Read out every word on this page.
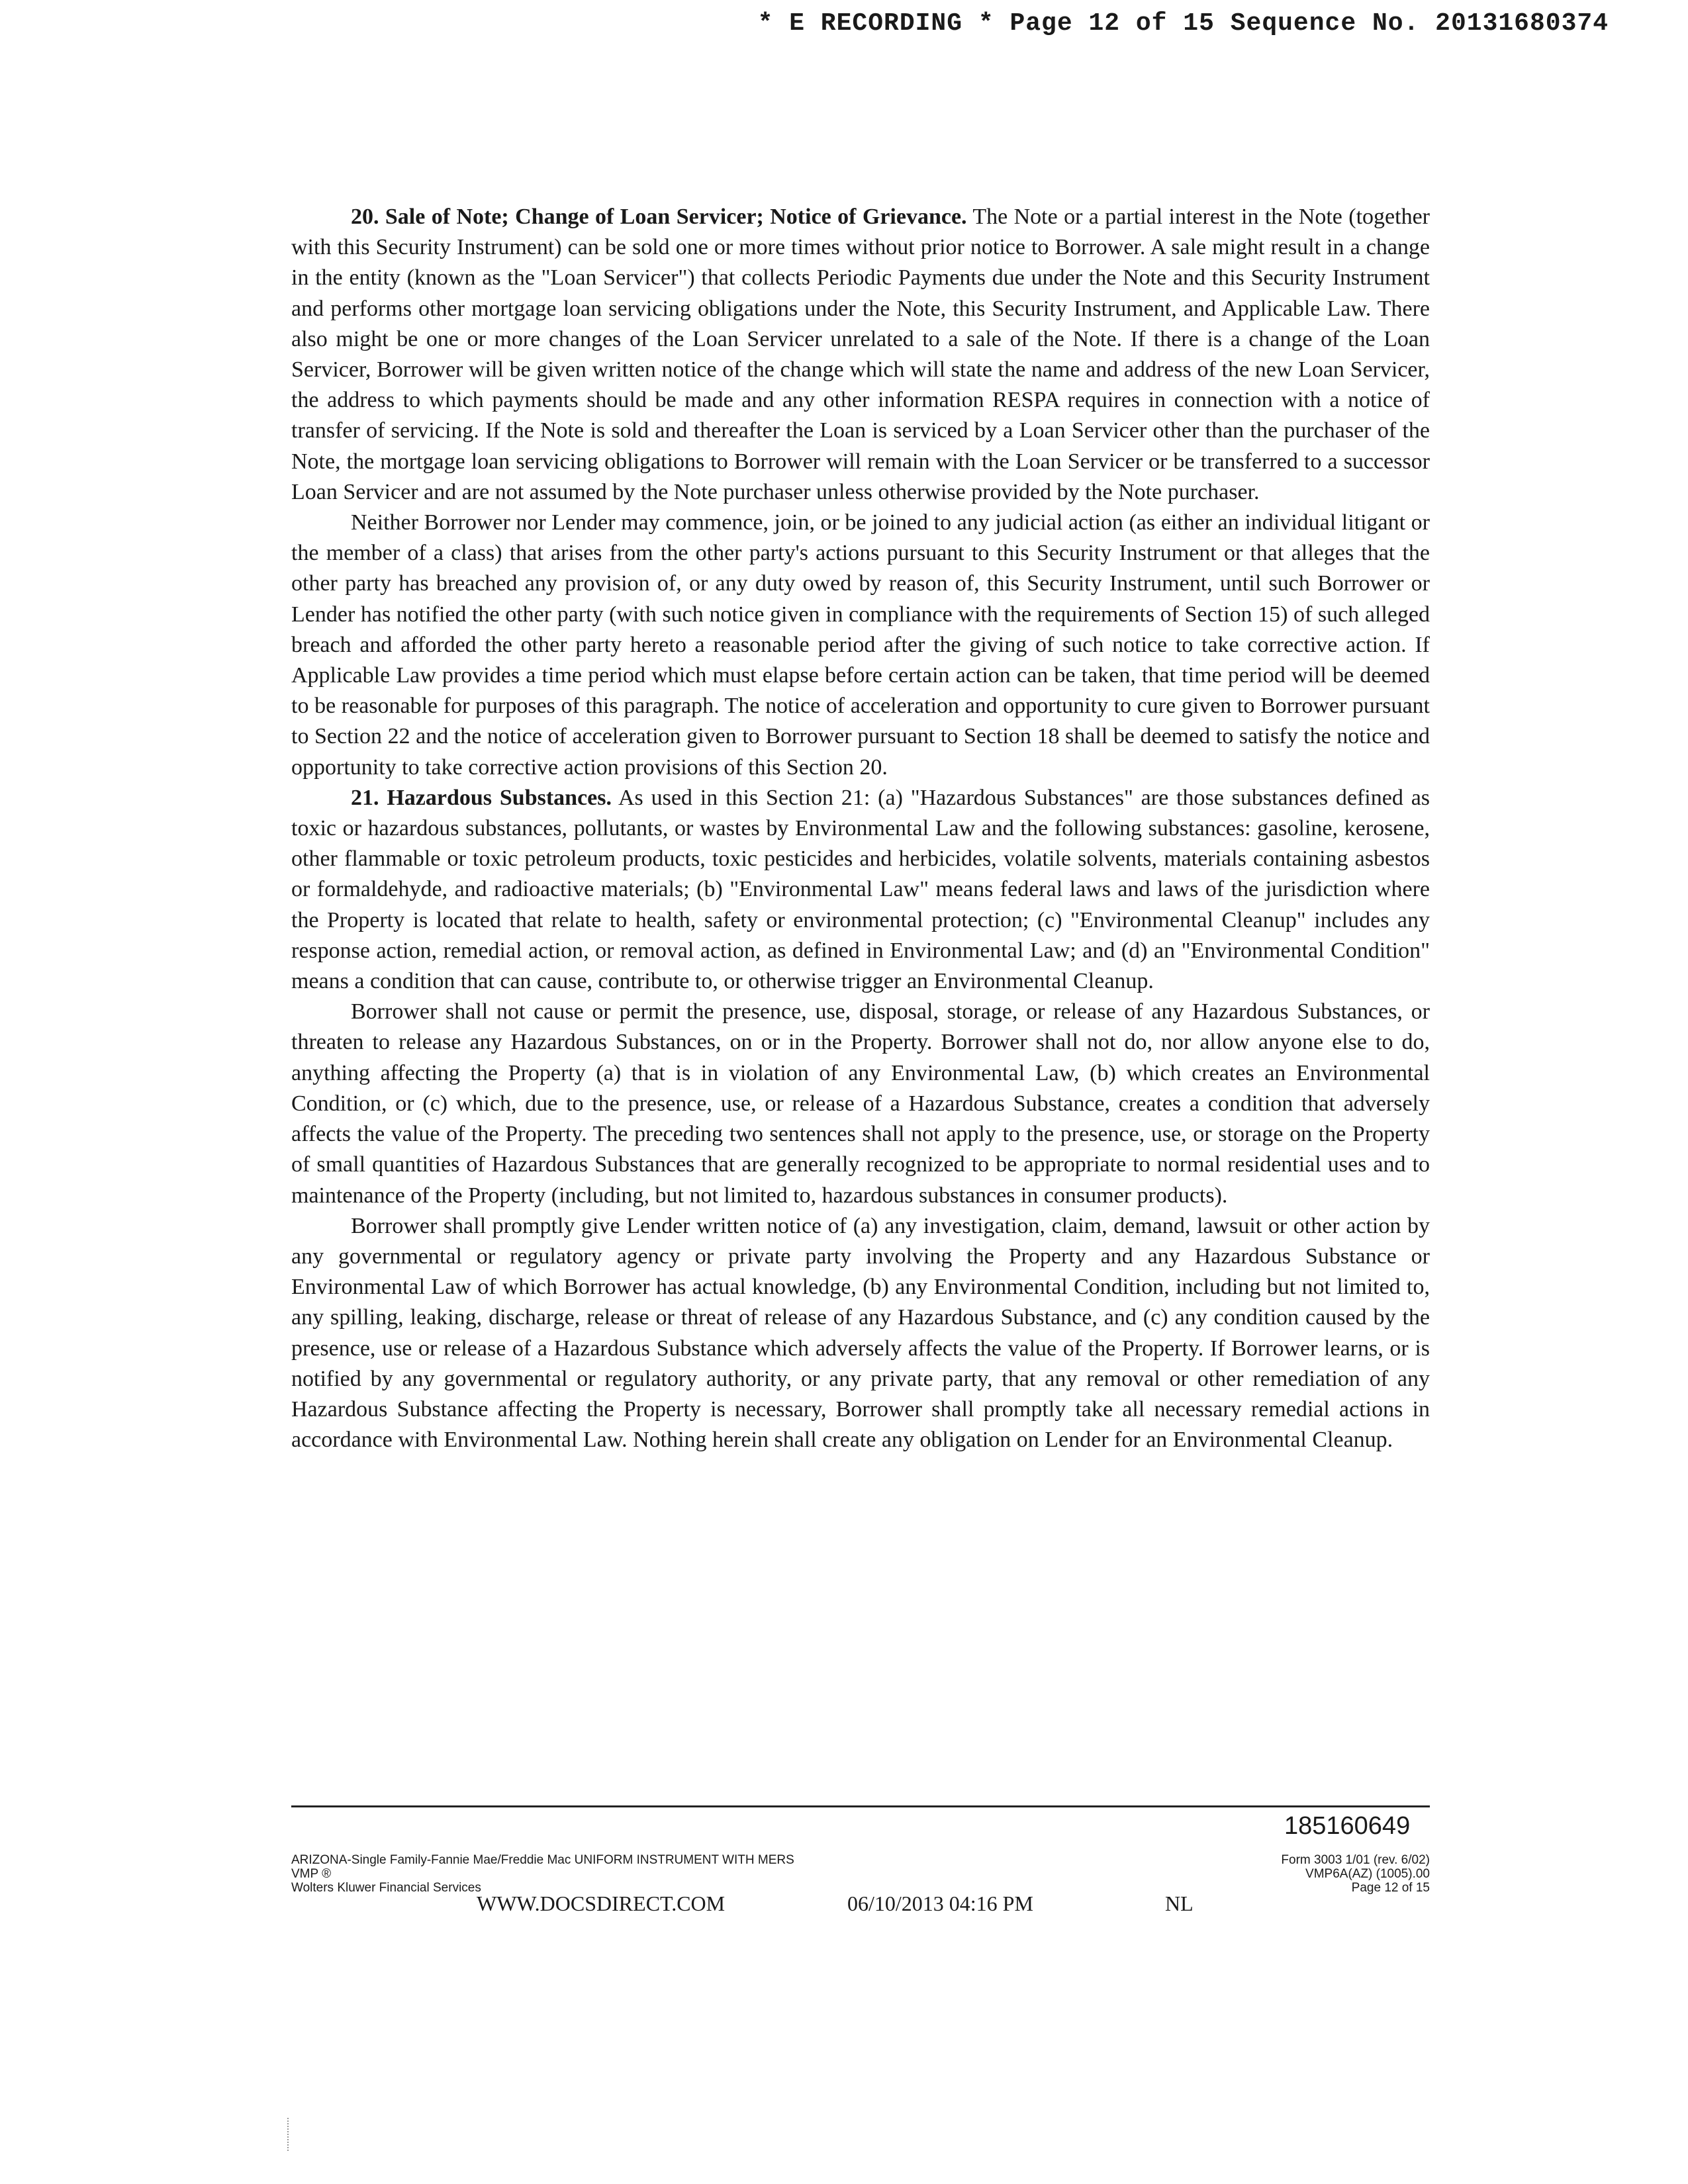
* E RECORDING * Page 12 of 15 Sequence No. 20131680374

20. Sale of Note; Change of Loan Servicer; Notice of Grievance. The Note or a partial interest in the Note (together with this Security Instrument) can be sold one or more times without prior notice to Borrower. A sale might result in a change in the entity (known as the "Loan Servicer") that collects Periodic Payments due under the Note and this Security Instrument and performs other mortgage loan servicing obligations under the Note, this Security Instrument, and Applicable Law. There also might be one or more changes of the Loan Servicer unrelated to a sale of the Note. If there is a change of the Loan Servicer, Borrower will be given written notice of the change which will state the name and address of the new Loan Servicer, the address to which payments should be made and any other information RESPA requires in connection with a notice of transfer of servicing. If the Note is sold and thereafter the Loan is serviced by a Loan Servicer other than the purchaser of the Note, the mortgage loan servicing obligations to Borrower will remain with the Loan Servicer or be transferred to a successor Loan Servicer and are not assumed by the Note purchaser unless otherwise provided by the Note purchaser.

Neither Borrower nor Lender may commence, join, or be joined to any judicial action (as either an individual litigant or the member of a class) that arises from the other party's actions pursuant to this Security Instrument or that alleges that the other party has breached any provision of, or any duty owed by reason of, this Security Instrument, until such Borrower or Lender has notified the other party (with such notice given in compliance with the requirements of Section 15) of such alleged breach and afforded the other party hereto a reasonable period after the giving of such notice to take corrective action. If Applicable Law provides a time period which must elapse before certain action can be taken, that time period will be deemed to be reasonable for purposes of this paragraph. The notice of acceleration and opportunity to cure given to Borrower pursuant to Section 22 and the notice of acceleration given to Borrower pursuant to Section 18 shall be deemed to satisfy the notice and opportunity to take corrective action provisions of this Section 20.

21. Hazardous Substances. As used in this Section 21: (a) "Hazardous Substances" are those substances defined as toxic or hazardous substances, pollutants, or wastes by Environmental Law and the following substances: gasoline, kerosene, other flammable or toxic petroleum products, toxic pesticides and herbicides, volatile solvents, materials containing asbestos or formaldehyde, and radioactive materials; (b) "Environmental Law" means federal laws and laws of the jurisdiction where the Property is located that relate to health, safety or environmental protection; (c) "Environmental Cleanup" includes any response action, remedial action, or removal action, as defined in Environmental Law; and (d) an "Environmental Condition" means a condition that can cause, contribute to, or otherwise trigger an Environmental Cleanup.

Borrower shall not cause or permit the presence, use, disposal, storage, or release of any Hazardous Substances, or threaten to release any Hazardous Substances, on or in the Property. Borrower shall not do, nor allow anyone else to do, anything affecting the Property (a) that is in violation of any Environmental Law, (b) which creates an Environmental Condition, or (c) which, due to the presence, use, or release of a Hazardous Substance, creates a condition that adversely affects the value of the Property. The preceding two sentences shall not apply to the presence, use, or storage on the Property of small quantities of Hazardous Substances that are generally recognized to be appropriate to normal residential uses and to maintenance of the Property (including, but not limited to, hazardous substances in consumer products).

Borrower shall promptly give Lender written notice of (a) any investigation, claim, demand, lawsuit or other action by any governmental or regulatory agency or private party involving the Property and any Hazardous Substance or Environmental Law of which Borrower has actual knowledge, (b) any Environmental Condition, including but not limited to, any spilling, leaking, discharge, release or threat of release of any Hazardous Substance, and (c) any condition caused by the presence, use or release of a Hazardous Substance which adversely affects the value of the Property. If Borrower learns, or is notified by any governmental or regulatory authority, or any private party, that any removal or other remediation of any Hazardous Substance affecting the Property is necessary, Borrower shall promptly take all necessary remedial actions in accordance with Environmental Law. Nothing herein shall create any obligation on Lender for an Environmental Cleanup.

185160649
ARIZONA-Single Family-Fannie Mae/Freddie Mac UNIFORM INSTRUMENT WITH MERS
VMP ®
Wolters Kluwer Financial Services
Form 3003 1/01 (rev. 6/02)
VMP6A(AZ) (1005).00
Page 12 of 15
WWW.DOCSDIRECT.COM	06/10/2013 04:16 PM	NL
